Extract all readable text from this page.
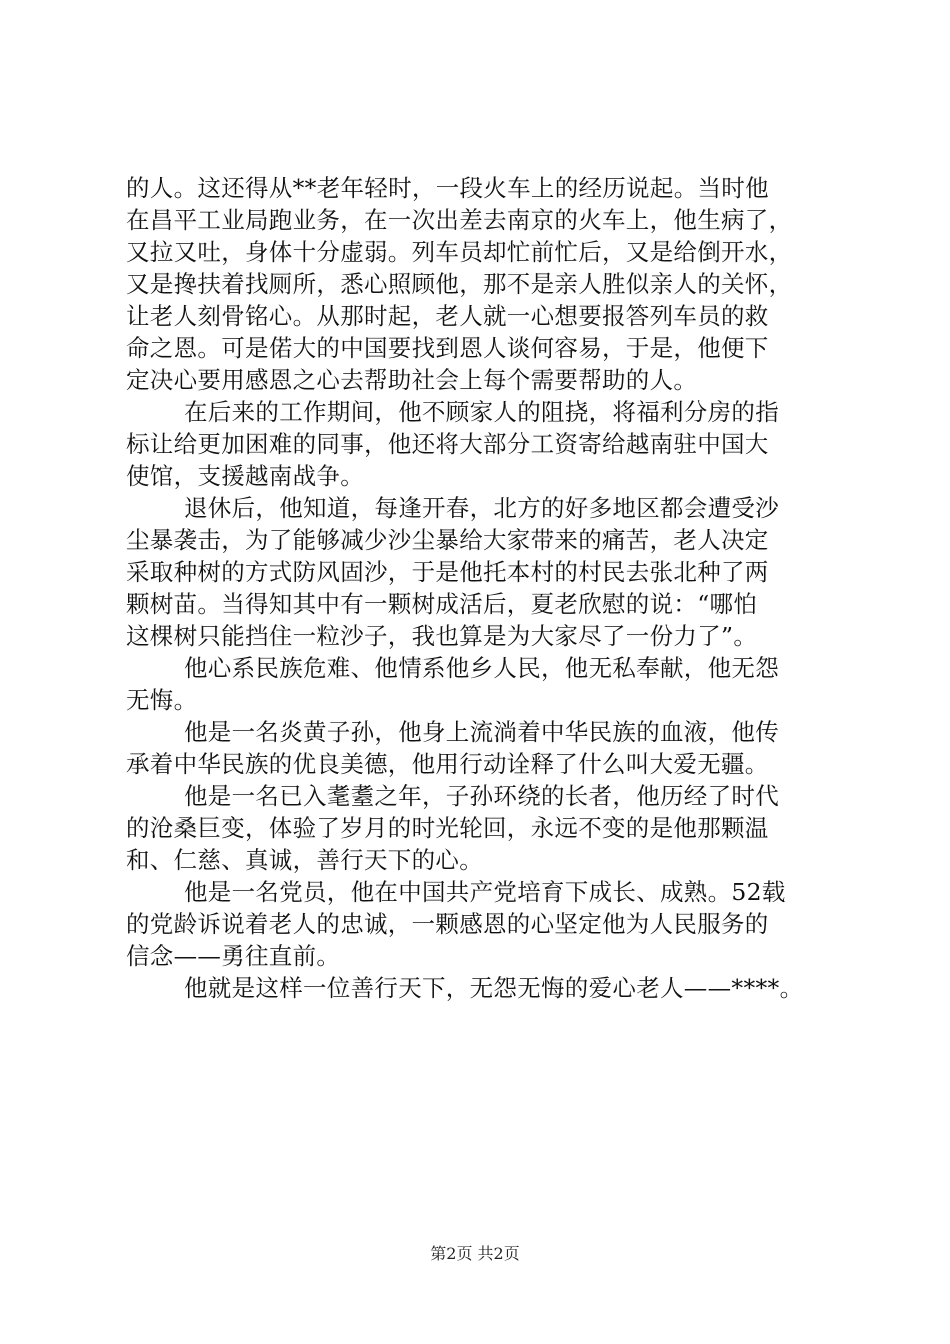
的人。这还得从**老年轻时，一段火车上的经历说起。当时他
在昌平工业局跑业务，在一次出差去南京的火车上，他生病了，
又拉又吐，身体十分虚弱。列车员却忙前忙后，又是给倒开水，
又是搀扶着找厕所，悉心照顾他，那不是亲人胜似亲人的关怀，
让老人刻骨铭心。从那时起，老人就一心想要报答列车员的救
命之恩。可是偌大的中国要找到恩人谈何容易，于是，他便下
定决心要用感恩之心去帮助社会上每个需要帮助的人。
在后来的工作期间，他不顾家人的阻挠，将福利分房的指
标让给更加困难的同事，他还将大部分工资寄给越南驻中国大
使馆，支援越南战争。
退休后，他知道，每逢开春，北方的好多地区都会遭受沙
尘暴袭击，为了能够减少沙尘暴给大家带来的痛苦，老人决定
采取种树的方式防风固沙，于是他托本村的村民去张北种了两
颗树苗。当得知其中有一颗树成活后，夏老欣慰的说：“哪怕
这棵树只能挡住一粒沙子，我也算是为大家尽了一份力了”。
他心系民族危难、他情系他乡人民，他无私奉献，他无怨
无悔。
他是一名炎黄子孙，他身上流淌着中华民族的血液，他传
承着中华民族的优良美德，他用行动诠释了什么叫大爱无疆。
他是一名已入耄耋之年，子孙环绕的长者，他历经了时代
的沧桑巨变，体验了岁月的时光轮回，永远不变的是他那颗温
和、仁慈、真诚，善行天下的心。
他是一名党员，他在中国共产党培育下成长、成熟。52载
的党龄诉说着老人的忠诚，一颗感恩的心坚定他为人民服务的
信念——勇往直前。
他就是这样一位善行天下，无怨无悔的爱心老人——****。
第2页 共2页
